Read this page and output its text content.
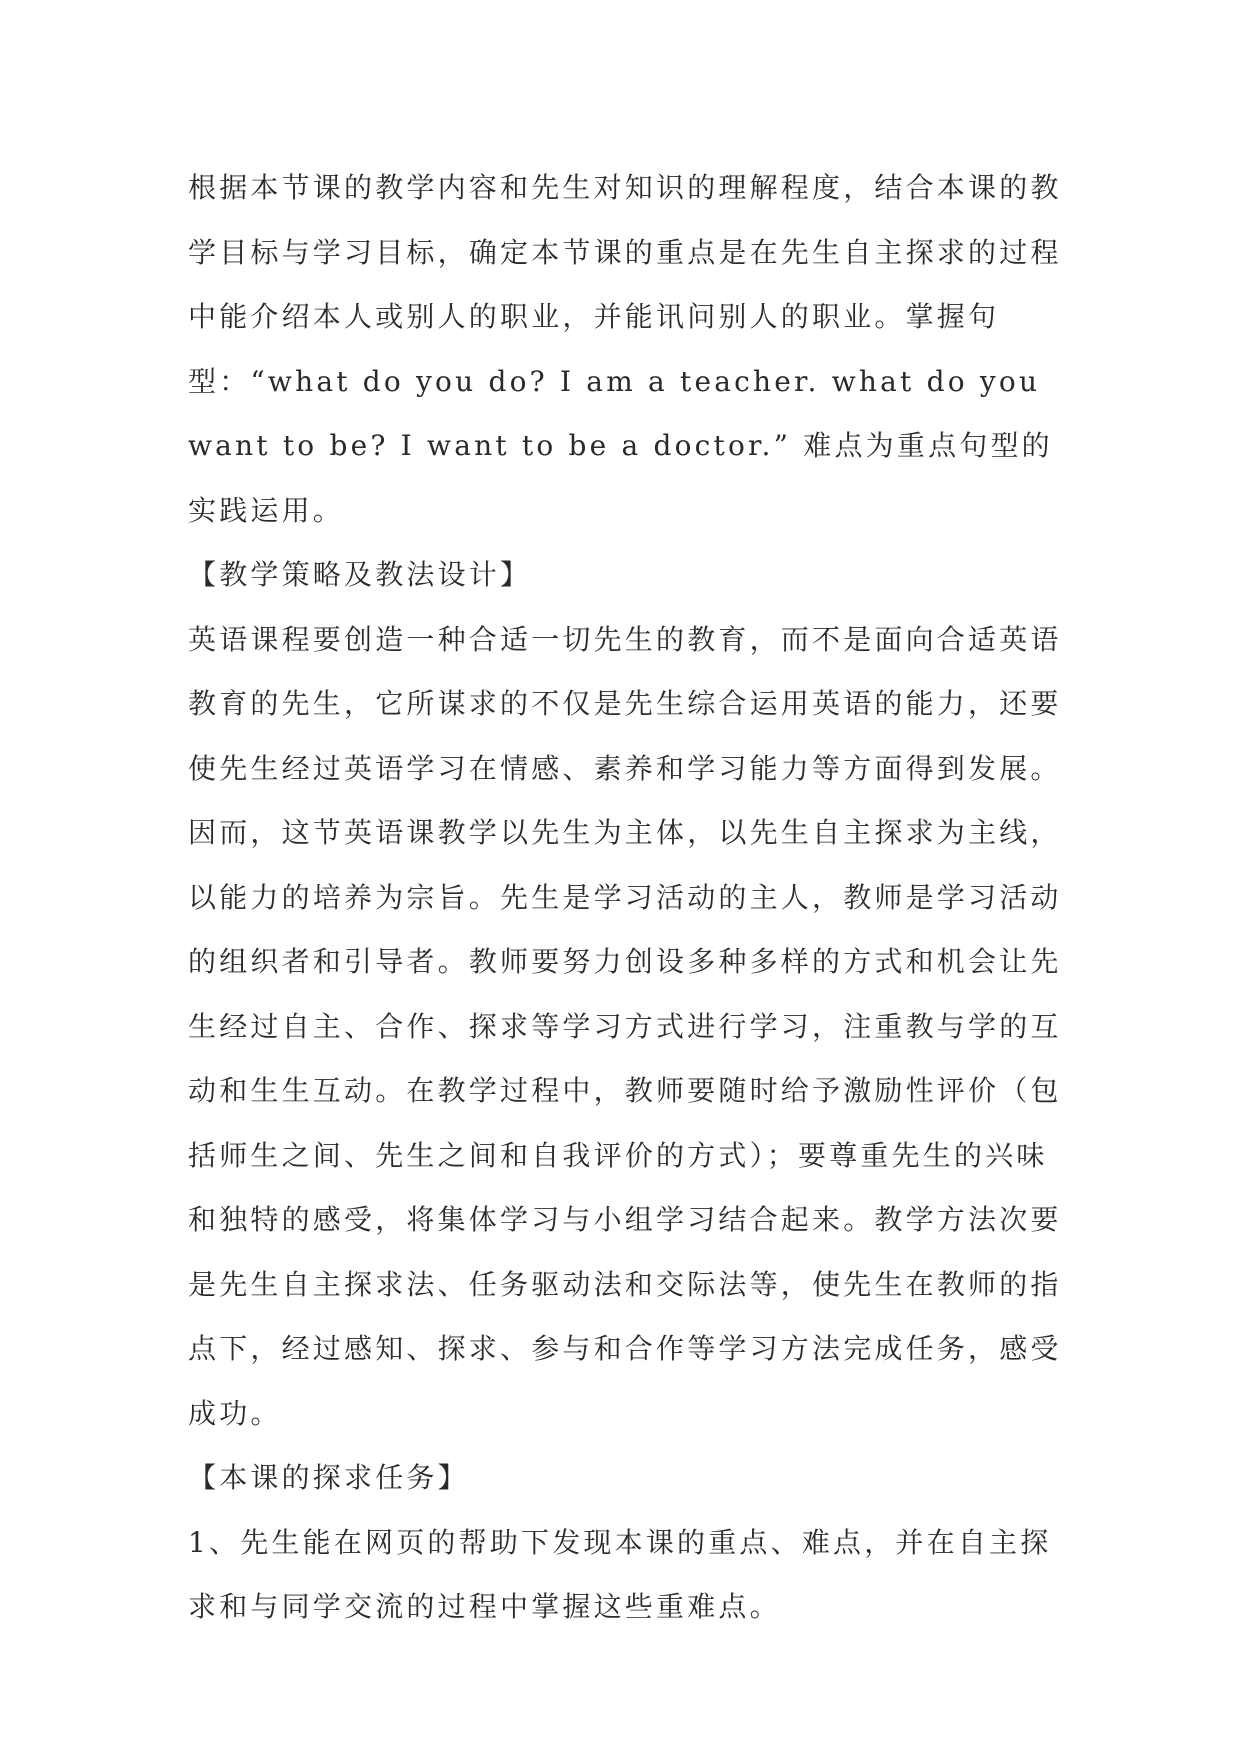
根据本节课的教学内容和先生对知识的理解程度，结合本课的教学目标与学习目标，确定本节课的重点是在先生自主探求的过程中能介绍本人或别人的职业，并能讯问别人的职业。掌握句型：“what do you do? I am a teacher. what do you  want to be? I want to be a doctor.” 难点为重点句型的实践运用。

【教学策略及教法设计】

英语课程要创造一种合适一切先生的教育，而不是面向合适英语教育的先生，它所谋求的不仅是先生综合运用英语的能力，还要使先生经过英语学习在情感、素养和学习能力等方面得到发展。因而，这节英语课教学以先生为主体，以先生自主探求为主线，以能力的培养为宗旨。先生是学习活动的主人，教师是学习活动的组织者和引导者。教师要努力创设多种多样的方式和机会让先生经过自主、合作、探求等学习方式进行学习，注重教与学的互动和生生互动。在教学过程中，教师要随时给予激励性评价（包括师生之间、先生之间和自我评价的方式）；要尊重先生的兴味和独特的感受，将集体学习与小组学习结合起来。教学方法次要是先生自主探求法、任务驱动法和交际法等，使先生在教师的指点下，经过感知、探求、参与和合作等学习方法完成任务，感受成功。

【本课的探求任务】

1、先生能在网页的帮助下发现本课的重点、难点，并在自主探求和与同学交流的过程中掌握这些重难点。
